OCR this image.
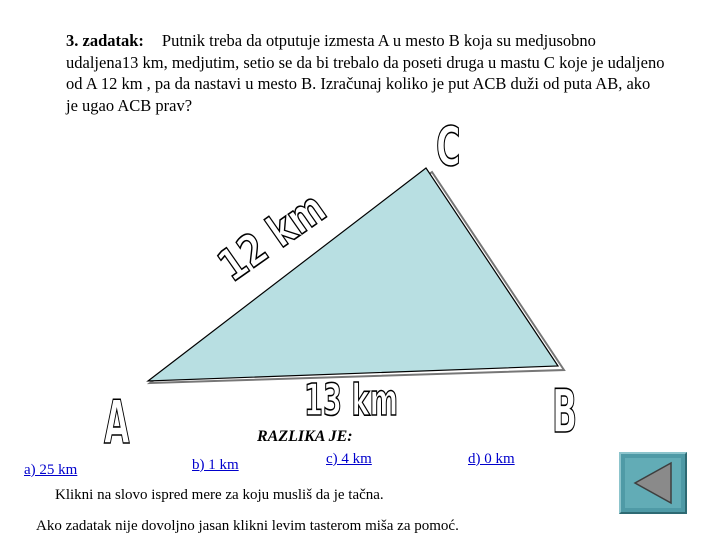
3. zadatak: Putnik treba da otputuje izmesta A u mesto B koja su medjusobno udaljena13 km, medjutim, setio se da bi trebalo da poseti druga u mastu C koje je udaljeno od A 12 km , pa da nastavi u mesto B. Izračunaj koliko je put ACB duži od puta AB, ako je ugao ACB prav?
C
12 km
13 km
A	B
RAZLIKA JE:
a) 25 km	b) 1 km	c) 4 km	d) 0 km
Klikni na slovo ispred mere za koju musliš da je tačna.
Ako zadatak nije dovoljno jasan klikni levim tasterom miša za pomoć.
